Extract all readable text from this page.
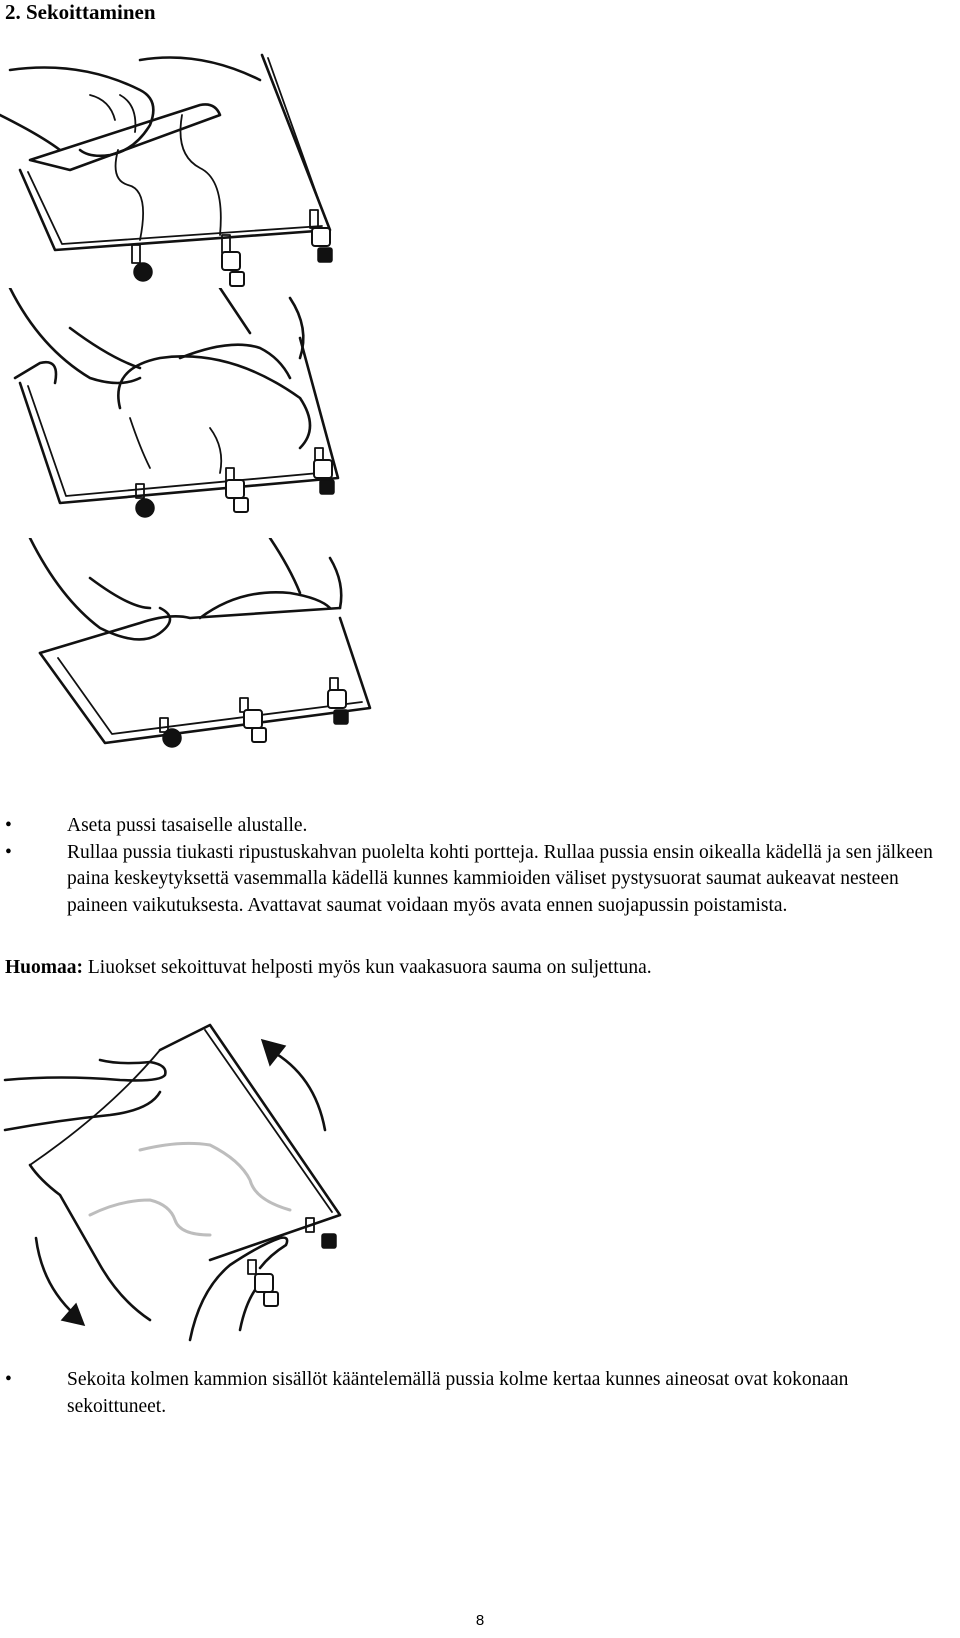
2. Sekoittaminen
•	Aseta pussi tasaiselle alustalle.
•	Rullaa pussia tiukasti ripustuskahvan puolelta kohti portteja. Rullaa pussia ensin oikealla kädellä ja sen jälkeen paina keskeytyksettä vasemmalla kädellä kunnes kammioiden väliset pystysuorat saumat aukeavat nesteen paineen vaikutuksesta. Avattavat saumat voidaan myös avata ennen suojapussin poistamista.
Huomaa: Liuokset sekoittuvat helposti myös kun vaakasuora sauma on suljettuna.
•	Sekoita kolmen kammion sisällöt kääntelemällä pussia kolme kertaa kunnes aineosat ovat kokonaan sekoittuneet.
8
